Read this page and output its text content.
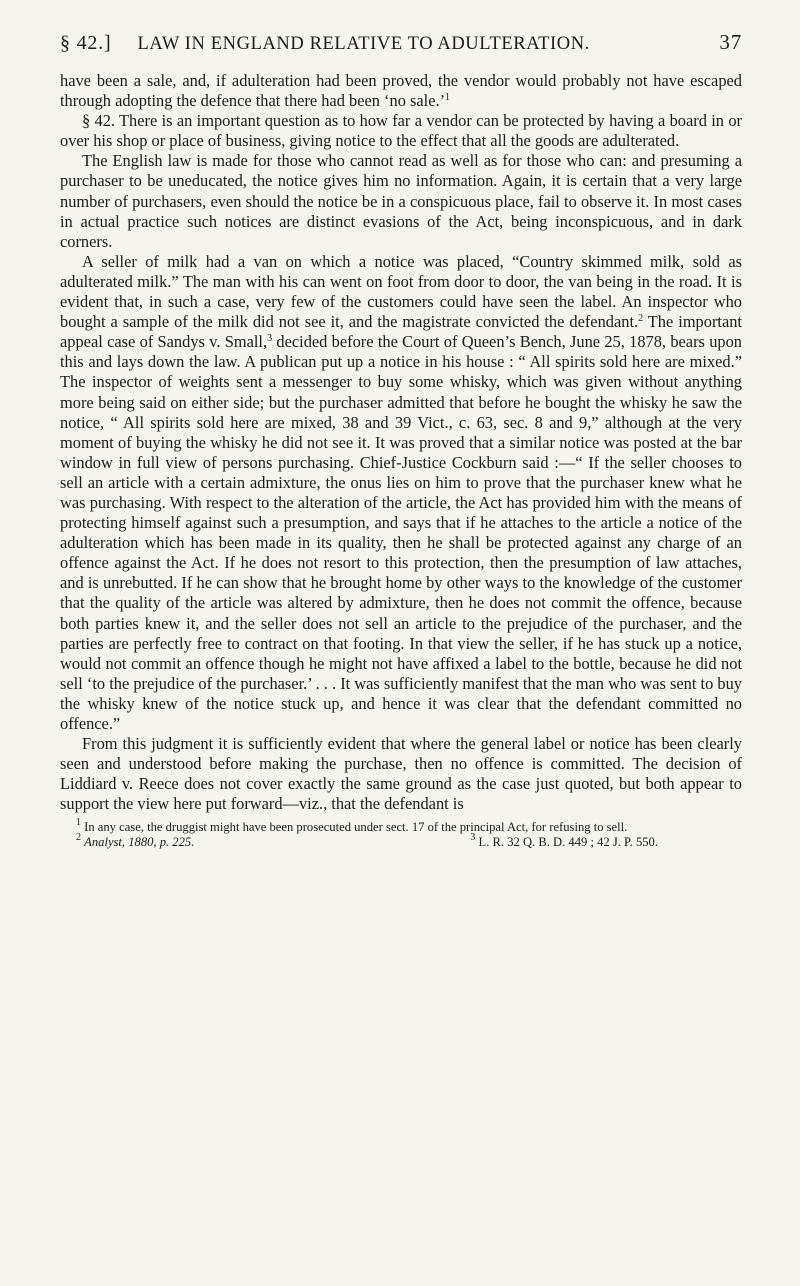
§ 42.] LAW IN ENGLAND RELATIVE TO ADULTERATION.	37

have been a sale, and, if adulteration had been proved, the vendor would probably not have escaped through adopting the defence that there had been ‘no sale.’$^1$

§ 42. There is an important question as to how far a vendor can be protected by having a board in or over his shop or place of business, giving notice to the effect that all the goods are adulterated.

The English law is made for those who cannot read as well as for those who can: and presuming a purchaser to be uneducated, the notice gives him no information. Again, it is certain that a very large number of purchasers, even should the notice be in a conspicuous place, fail to observe it. In most cases in actual practice such notices are distinct evasions of the Act, being inconspicuous, and in dark corners.

A seller of milk had a van on which a notice was placed, “Country skimmed milk, sold as adulterated milk.” The man with his can went on foot from door to door, the van being in the road. It is evident that, in such a case, very few of the customers could have seen the label. An inspector who bought a sample of the milk did not see it, and the magistrate convicted the defendant.$^2$ The important appeal case of Sandys v. Small,$^3$ decided before the Court of Queen’s Bench, June 25, 1878, bears upon this and lays down the law. A publican put up a notice in his house : “ All spirits sold here are mixed.” The inspector of weights sent a messenger to buy some whisky, which was given without anything more being said on either side; but the purchaser admitted that before he bought the whisky he saw the notice, “ All spirits sold here are mixed, 38 and 39 Vict., c. 63, sec. 8 and 9,” although at the very moment of buying the whisky he did not see it. It was proved that a similar notice was posted at the bar window in full view of persons purchasing. Chief-Justice Cockburn said :—“ If the seller chooses to sell an article with a certain admixture, the onus lies on him to prove that the purchaser knew what he was purchasing. With respect to the alteration of the article, the Act has provided him with the means of protecting himself against such a presumption, and says that if he attaches to the article a notice of the adulteration which has been made in its quality, then he shall be protected against any charge of an offence against the Act. If he does not resort to this protection, then the presumption of law attaches, and is unrebutted. If he can show that he brought home by other ways to the knowledge of the customer that the quality of the article was altered by admixture, then he does not commit the offence, because both parties knew it, and the seller does not sell an article to the prejudice of the purchaser, and the parties are perfectly free to contract on that footing. In that view the seller, if he has stuck up a notice, would not commit an offence though he might not have affixed a label to the bottle, because he did not sell ‘to the prejudice of the purchaser.’ . . . It was sufficiently manifest that the man who was sent to buy the whisky knew of the notice stuck up, and hence it was clear that the defendant committed no offence.”

From this judgment it is sufficiently evident that where the general label or notice has been clearly seen and understood before making the purchase, then no offence is committed. The decision of Liddiard v. Reece does not cover exactly the same ground as the case just quoted, but both appear to support the view here put forward—viz., that the defendant is

$^1$ In any case, the druggist might have been prosecuted under sect. 17 of the principal Act, for refusing to sell.

$^2$ Analyst, 1880, p. 225.	$^3$ L. R. 32 Q. B. D. 449 ; 42 J. P. 550.
